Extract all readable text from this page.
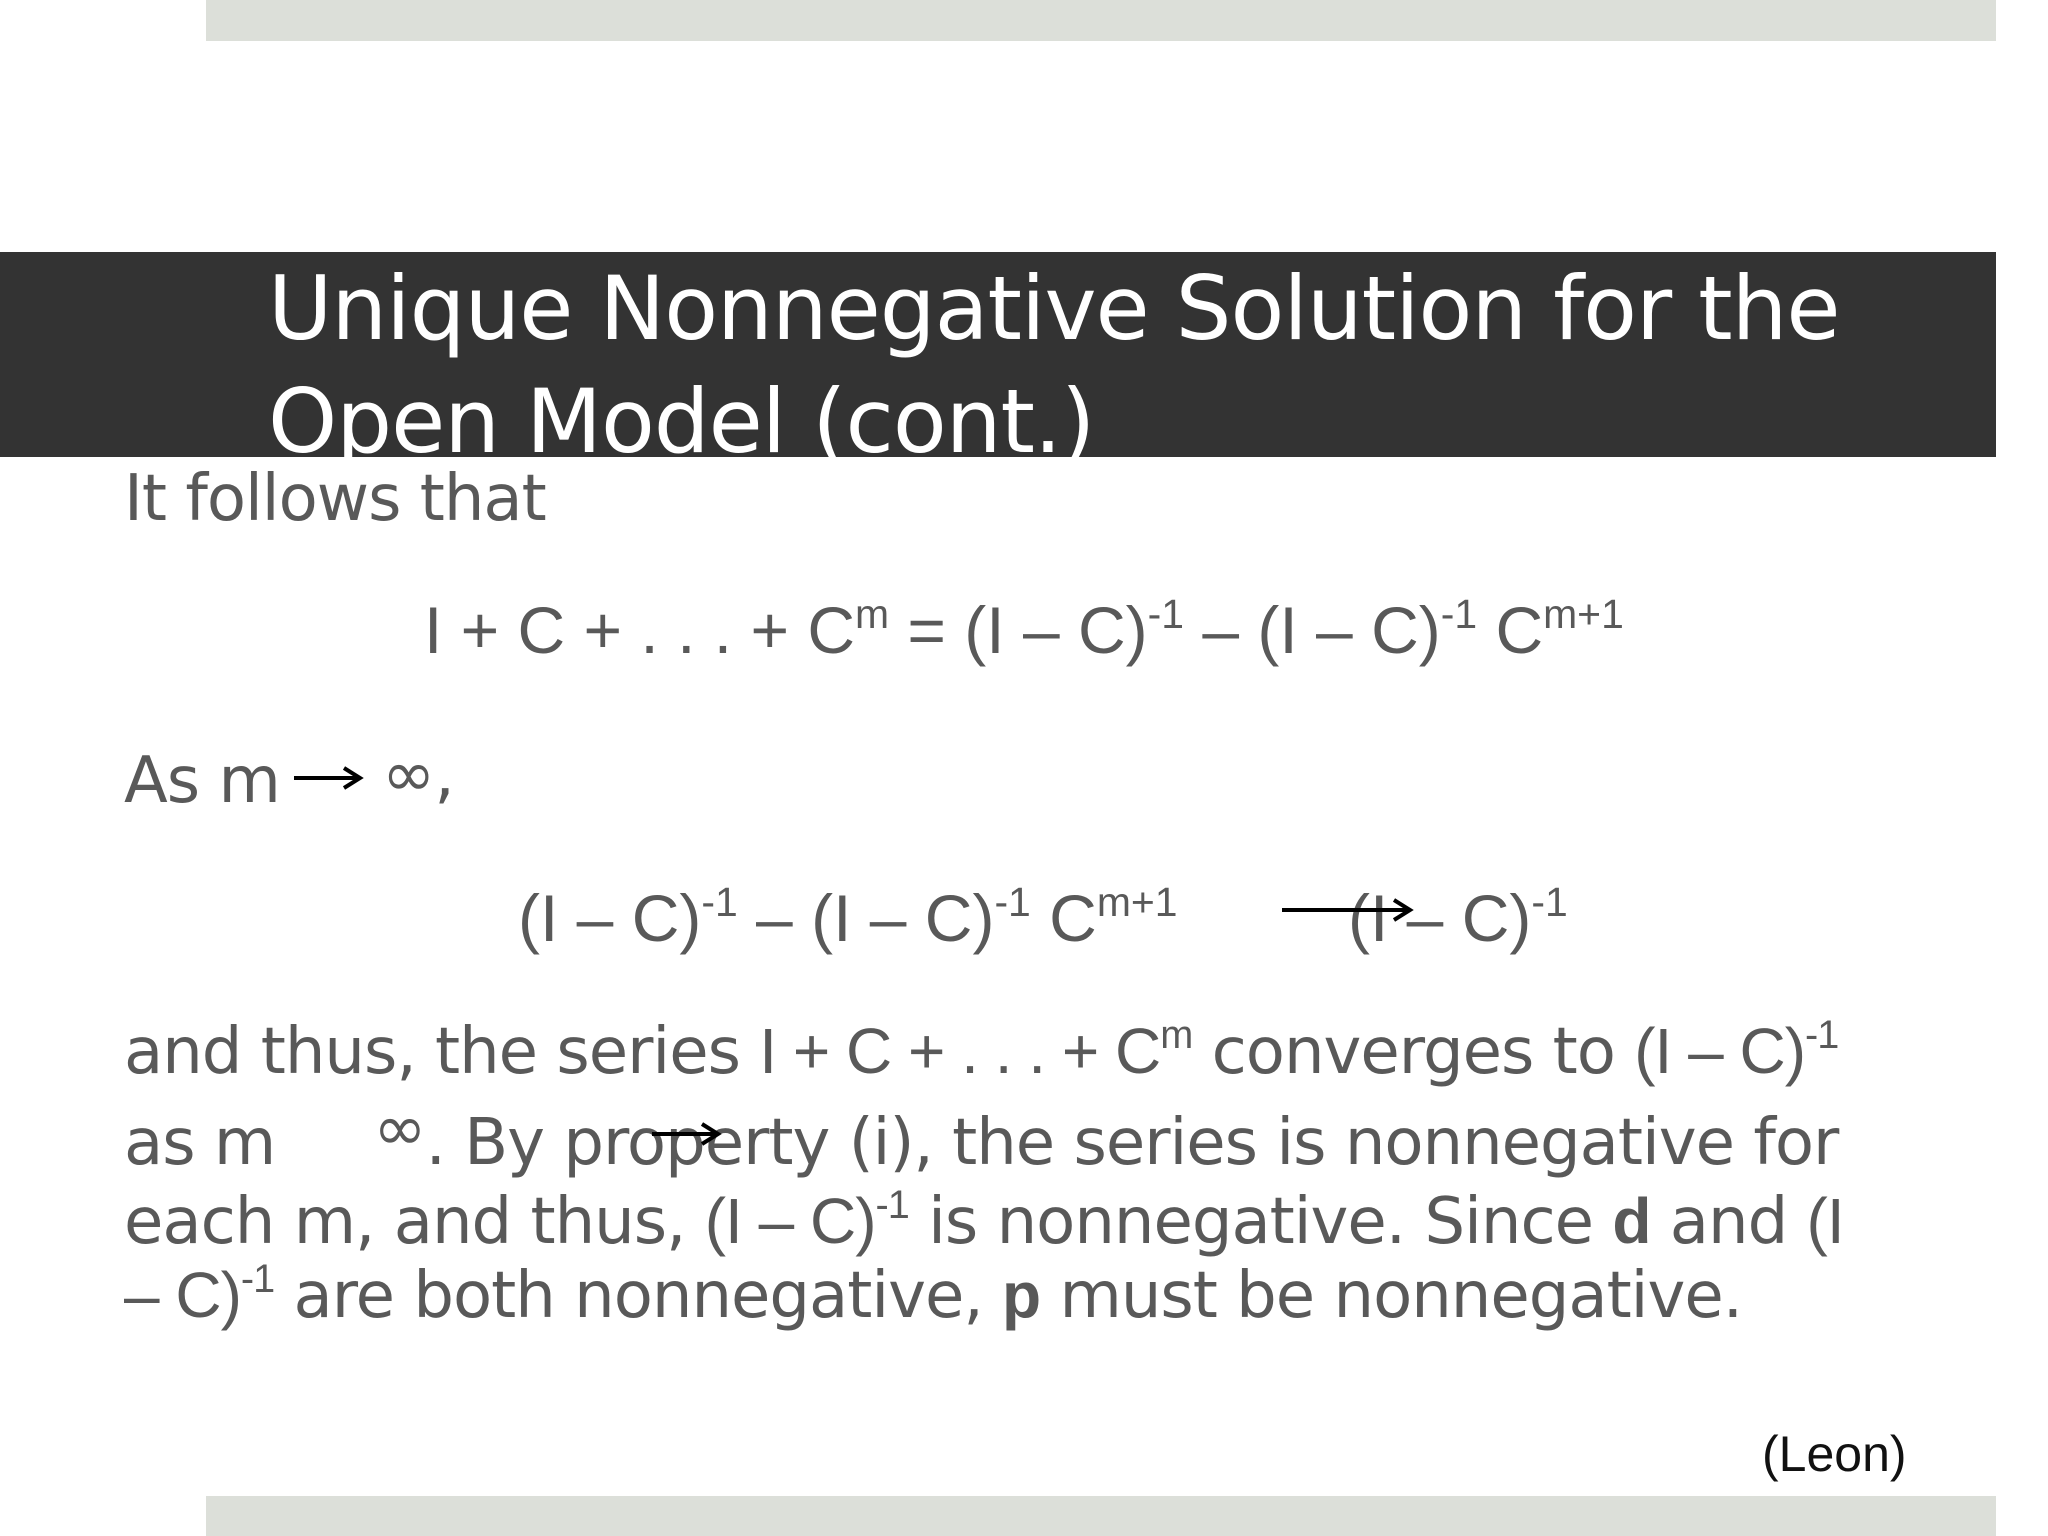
Unique Nonnegative Solution for the Open Model (cont.)

It follows that

I + C + . . . + $C^m = (I - C)^{-1} - (I - C)^{-1}$ $C^{m+1}$

As m ∞,

(I – C)$^{-1}$ – (I – C)$^{-1}$ $C^{m+1}$	(I – C)$^{-1}$

and thus, the series I + C + . . . + $C^m$ converges to (I – C)$^{-1}$

as m ∞. By property (i), the series is nonnegative for

each m, and thus, (I – C)$^{-1}$ is nonnegative. Since d and (I

– C)$^{-1}$ are both nonnegative, p must be nonnegative.

(Leon)
